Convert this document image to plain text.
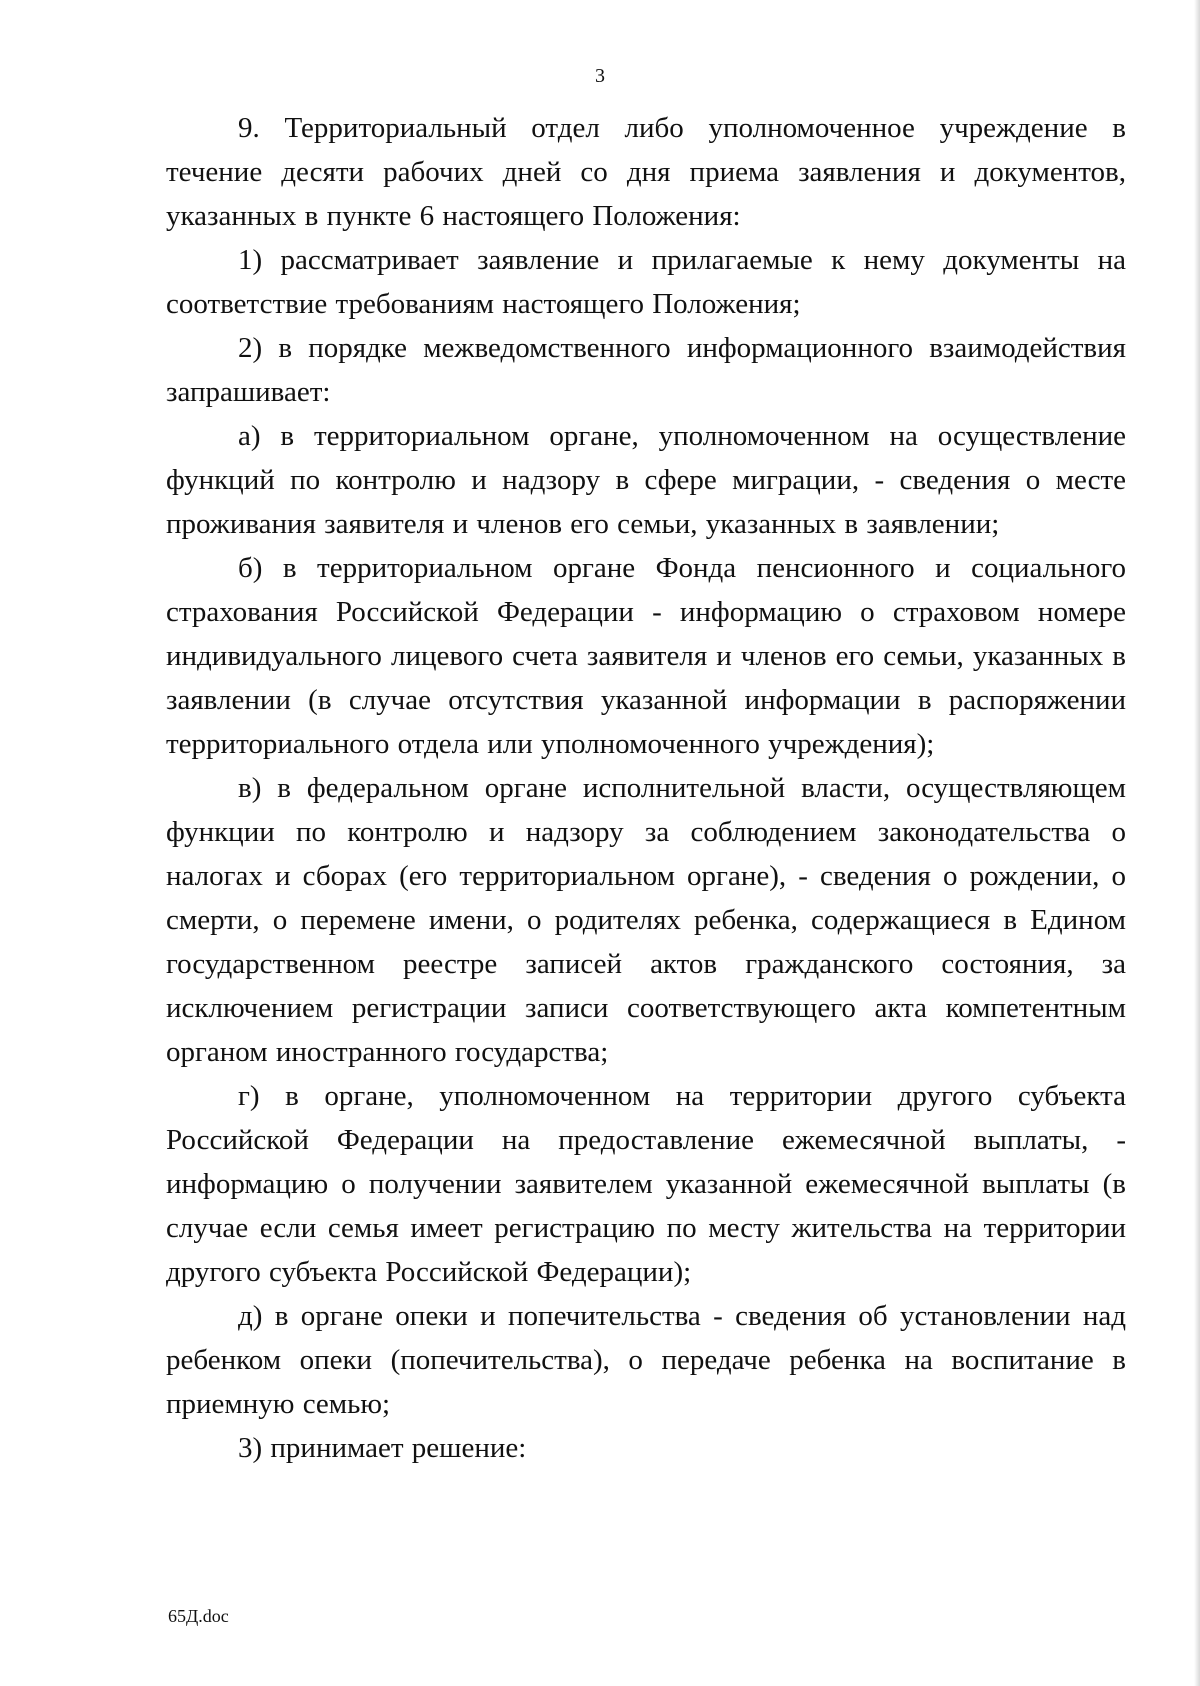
3

9. Территориальный отдел либо уполномоченное учреждение в течение десяти рабочих дней со дня приема заявления и документов, указанных в пункте 6 настоящего Положения:

1) рассматривает заявление и прилагаемые к нему документы на соответствие требованиям настоящего Положения;

2) в порядке межведомственного информационного взаимодействия запрашивает:

а) в территориальном органе, уполномоченном на осуществление функций по контролю и надзору в сфере миграции, - сведения о месте проживания заявителя и членов его семьи, указанных в заявлении;

б) в территориальном органе Фонда пенсионного и социального страхования Российской Федерации - информацию о страховом номере индивидуального лицевого счета заявителя и членов его семьи, указанных в заявлении (в случае отсутствия указанной информации в распоряжении территориального отдела или уполномоченного учреждения);

в) в федеральном органе исполнительной власти, осуществляющем функции по контролю и надзору за соблюдением законодательства о налогах и сборах (его территориальном органе), - сведения о рождении, о смерти, о перемене имени, о родителях ребенка, содержащиеся в Едином государственном реестре записей актов гражданского состояния, за исключением регистрации записи соответствующего акта компетентным органом иностранного государства;

г) в органе, уполномоченном на территории другого субъекта Российской Федерации на предоставление ежемесячной выплаты, - информацию о получении заявителем указанной ежемесячной выплаты (в случае если семья имеет регистрацию по месту жительства на территории другого субъекта Российской Федерации);

д) в органе опеки и попечительства - сведения об установлении над ребенком опеки (попечительства), о передаче ребенка на воспитание в приемную семью;

3) принимает решение:

65Д.doc
